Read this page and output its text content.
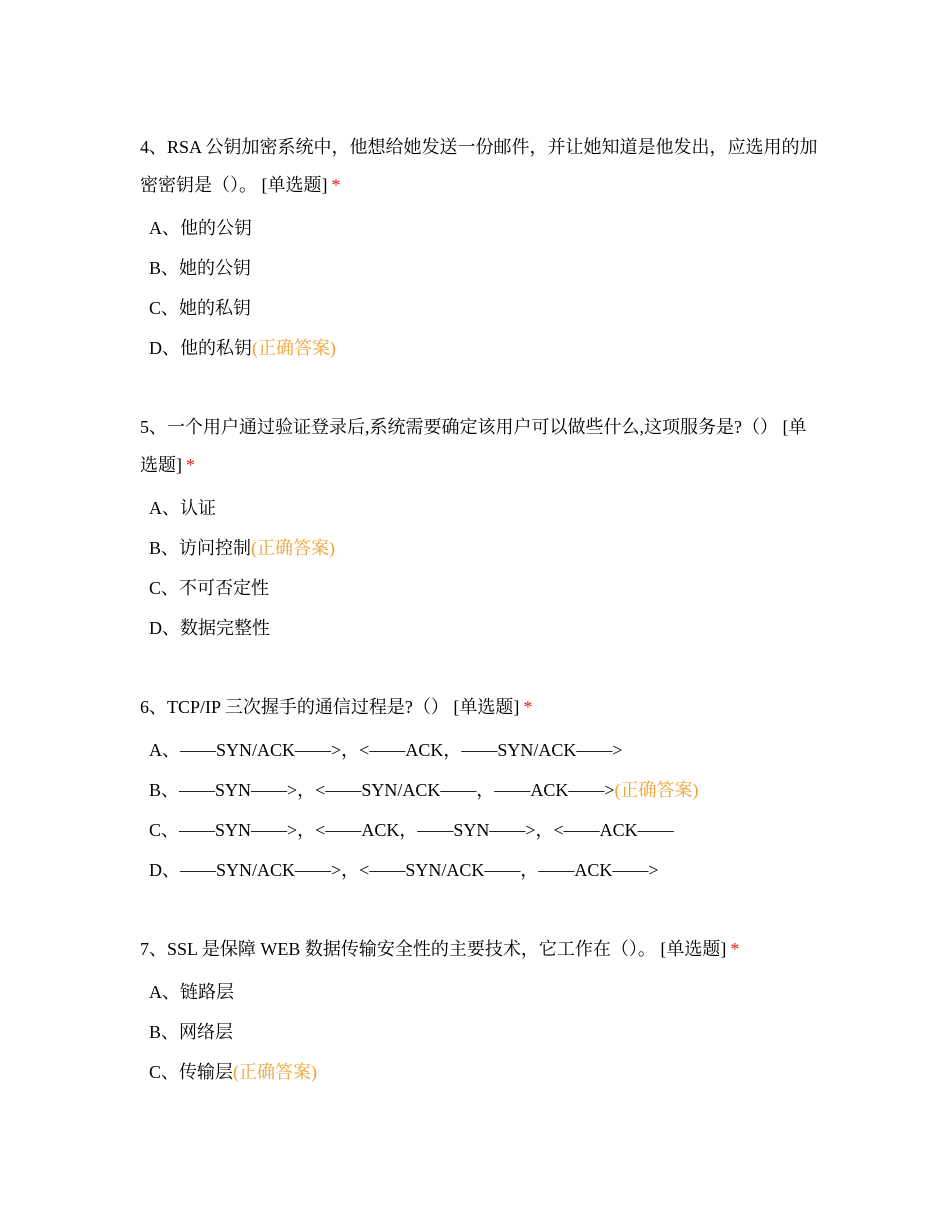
4、RSA 公钥加密系统中，他想给她发送一份邮件，并让她知道是他发出，应选用的加密密钥是（）。 [单选题] *

A、他的公钥
B、她的公钥
C、她的私钥
D、他的私钥(正确答案)

5、一个用户通过验证登录后,系统需要确定该用户可以做些什么,这项服务是?（） [单选题] *

A、认证
B、访问控制(正确答案)
C、不可否定性
D、数据完整性

6、TCP/IP 三次握手的通信过程是?（） [单选题] *

A、——SYN/ACK——>，<——ACK，——SYN/ACK——>
B、——SYN——>，<——SYN/ACK——，——ACK——>(正确答案)
C、——SYN——>，<——ACK，——SYN——>，<——ACK——
D、——SYN/ACK——>，<——SYN/ACK——，——ACK——>

7、SSL 是保障 WEB 数据传输安全性的主要技术，它工作在（）。 [单选题] *

A、链路层
B、网络层
C、传输层(正确答案)
